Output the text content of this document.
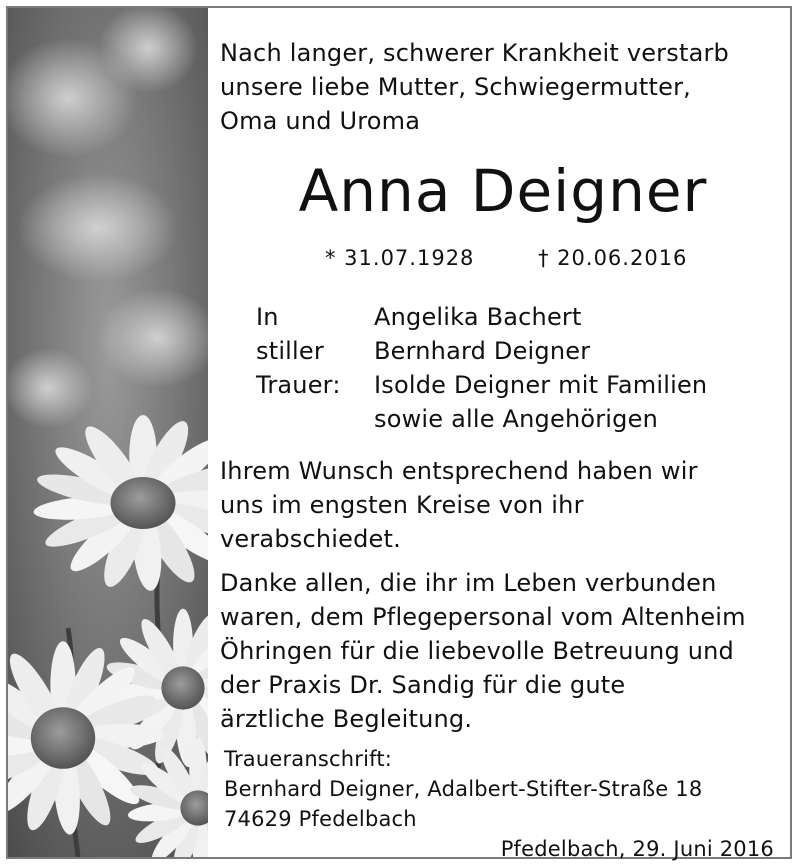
Nach langer, schwerer Krankheit verstarb

unsere liebe Mutter, Schwiegermutter,

Oma und Uroma

Anna Deigner
* 31.07.1928	† 20.06.2016
In
stiller
Trauer:
Angelika Bachert
Bernhard Deigner
Isolde Deigner mit Familien
sowie alle Angehörigen

Ihrem Wunsch entsprechend haben wir

uns im engsten Kreise von ihr

verabschiedet.

Danke allen, die ihr im Leben verbunden

waren, dem Pflegepersonal vom Altenheim

Öhringen für die liebevolle Betreuung und

der Praxis Dr. Sandig für die gute

ärztliche Begleitung.

Traueranschrift:
Bernhard Deigner, Adalbert-Stifter-Straße 18
74629 Pfedelbach
Pfedelbach, 29. Juni 2016
